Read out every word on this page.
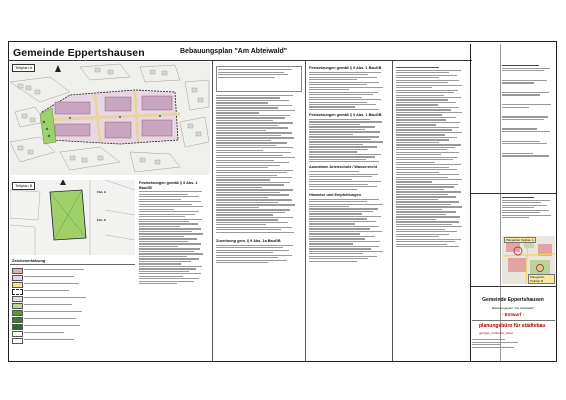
Gemeinde Eppertshausen	Bebauungsplan "Am Abteiwald"
Teilplan A
Teilplan B
Flst. 9
Flst. 8
Zeichenerklärung
Festsetzungen gemäß § 9 Abs. 1 BauGB
Zuordnung gem. § 9 Abs. 1a BauGB
Festsetzungen gemäß § 9 Abs. 1 BauGB
Festsetzungen gemäß § 9 Abs. 1 BauGB
Ausnahme Artenschutz / Wasserrecht
Hinweise und Empfehlungen
Plangebiet Teilplan A
Plangebiet Teilplan B
Gemeinde Eppertshausen
Bebauungsplan "Am Abteiwald"
- Entwurf -
planungsbüro für städtebau
göringer_hoffmann_bauer
